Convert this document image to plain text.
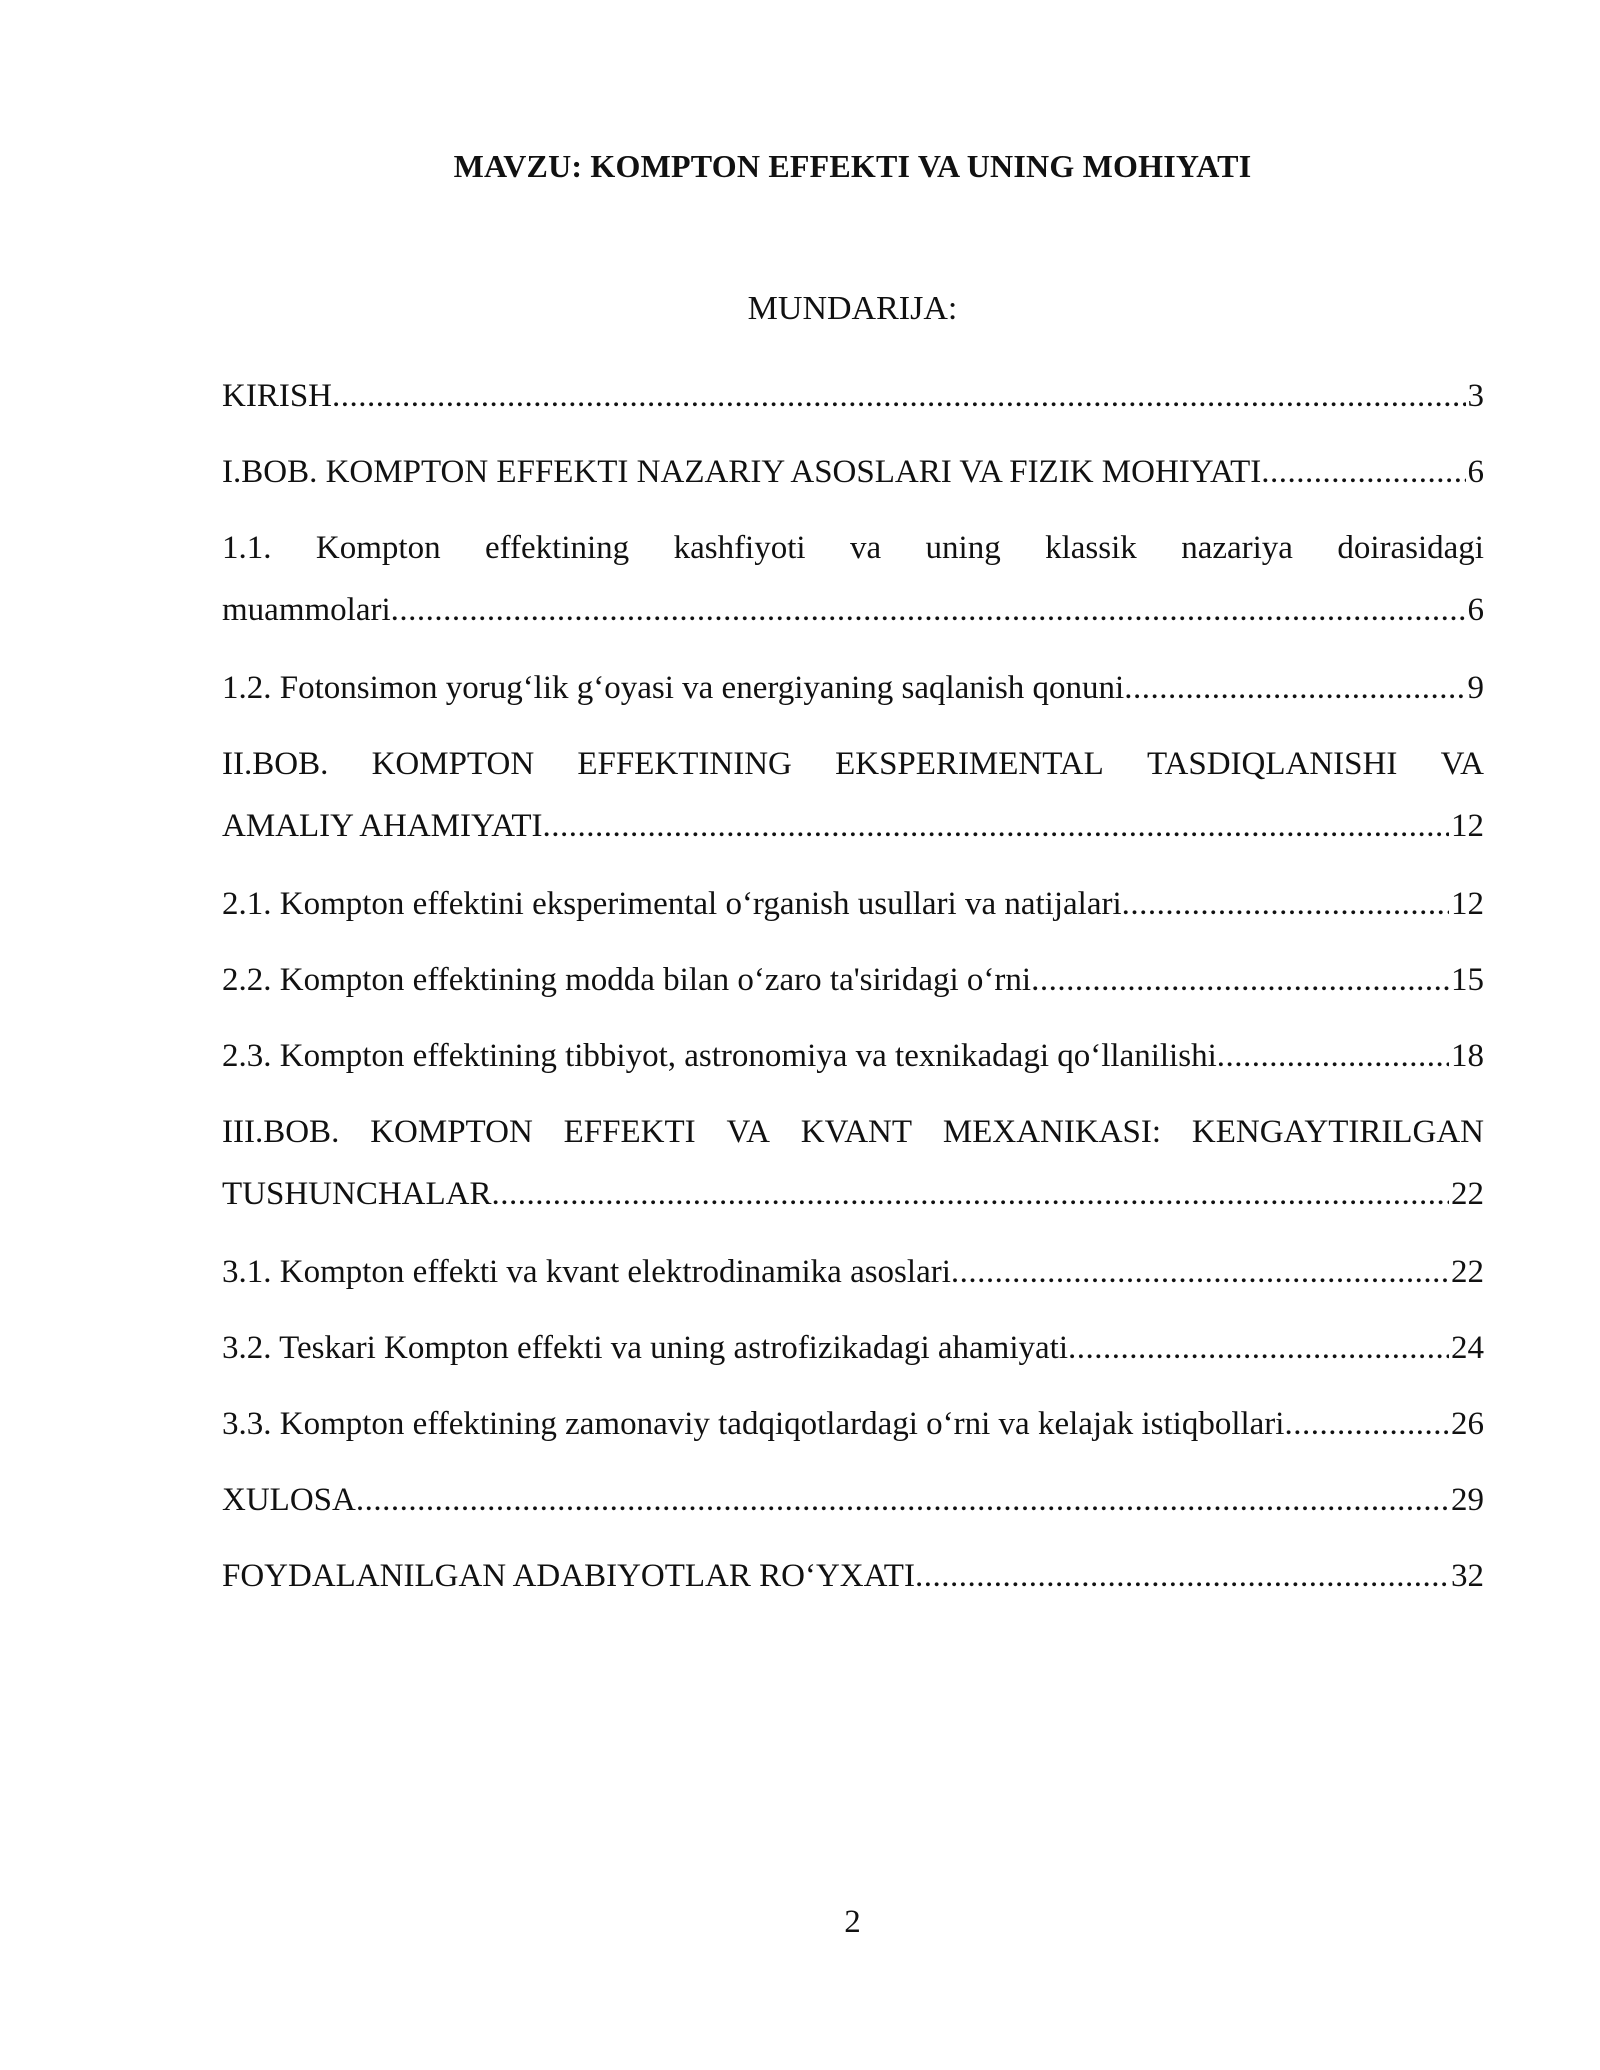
MAVZU: KOMPTON EFFEKTI VA UNING MOHIYATI
MUNDARIJA:
KIRISH .....	3
I.BOB. KOMPTON EFFEKTI NAZARIY ASOSLARI VA FIZIK MOHIYATI .....	6
1.1. Kompton effektining kashfiyoti va uning klassik nazariya doirasidagi
muammolari .....	6
1.2. Fotonsimon yorug‘lik g‘oyasi va energiyaning saqlanish qonuni .....	9
II.BOB. KOMPTON EFFEKTINING EKSPERIMENTAL TASDIQLANISHI VA
AMALIY AHAMIYATI .....	12
2.1. Kompton effektini eksperimental o‘rganish usullari va natijalari .....	12
2.2. Kompton effektining modda bilan o‘zaro ta'siridagi o‘rni .....	15
2.3. Kompton effektining tibbiyot, astronomiya va texnikadagi qo‘llanilishi .....	18
III.BOB. KOMPTON EFFEKTI VA KVANT MEXANIKASI: KENGAYTIRILGAN
TUSHUNCHALAR .....	22
3.1. Kompton effekti va kvant elektrodinamika asoslari .....	22
3.2. Teskari Kompton effekti va uning astrofizikadagi ahamiyati .....	24
3.3. Kompton effektining zamonaviy tadqiqotlardagi o‘rni va kelajak istiqbollari .....	26
XULOSA .....	29
FOYDALANILGAN ADABIYOTLAR RO‘YXATI .....	32
2
